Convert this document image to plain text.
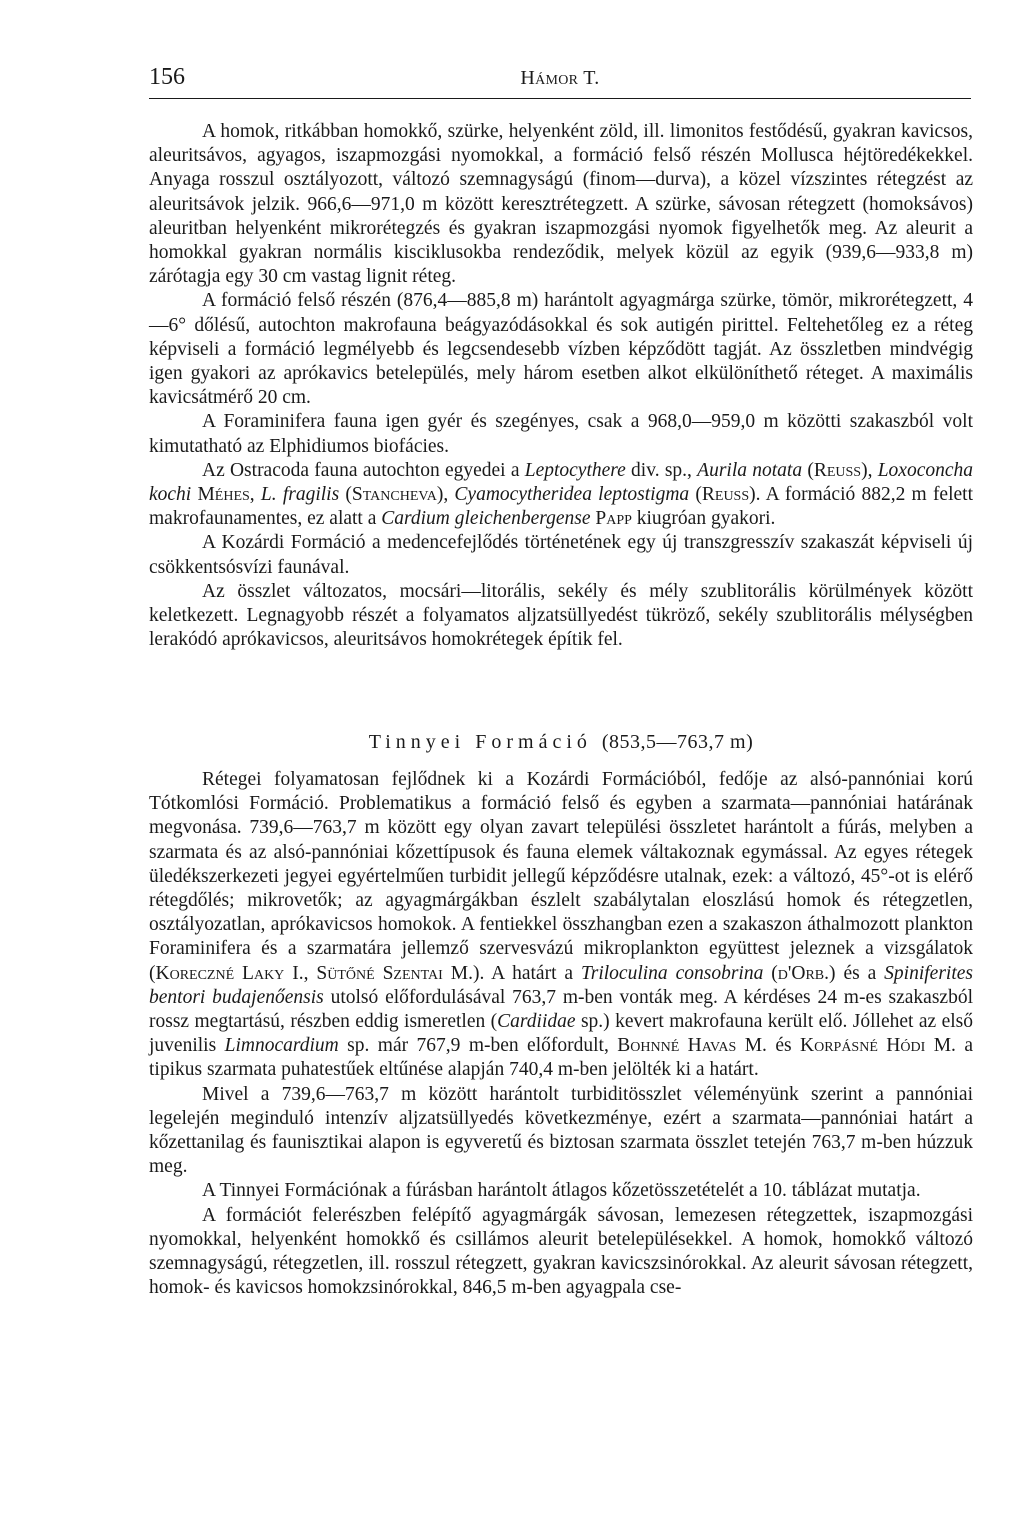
156	Hámor T.

A homok, ritkábban homokkő, szürke, helyenként zöld, ill. limonitos festődésű, gyakran kavicsos, aleuritsávos, agyagos, iszapmozgási nyomokkal, a formáció felső részén Mollusca héjtöredékekkel. Anyaga rosszul osztályozott, változó szemnagyságú (finom—durva), a közel vízszintes rétegzést az aleuritsávok jelzik. 966,6—971,0 m között keresztrétegzett. A szürke, sávosan rétegzett (homoksávos) aleuritban helyenként mikrorétegzés és gyakran iszapmozgási nyomok figyelhetők meg. Az aleurit a homokkal gyakran normális kisciklusokba rendeződik, melyek közül az egyik (939,6—933,8 m) zárótagja egy 30 cm vastag lignit réteg.

A formáció felső részén (876,4—885,8 m) harántolt agyagmárga szürke, tömör, mikrorétegzett, 4—6° dőlésű, autochton makrofauna beágyazódásokkal és sok autigén pirittel. Feltehetőleg ez a réteg képviseli a formáció legmélyebb és legcsendesebb vízben képződött tagját. Az összletben mindvégig igen gyakori az aprókavics betelepülés, mely három esetben alkot elkülöníthető réteget. A maximális kavicsátmérő 20 cm.

A Foraminifera fauna igen gyér és szegényes, csak a 968,0—959,0 m közötti szakaszból volt kimutatható az Elphidiumos biofácies.

Az Ostracoda fauna autochton egyedei a Leptocythere div. sp., Aurila notata (Reuss), Loxoconcha kochi Méhes, L. fragilis (Stancheva), Cyamocytheridea leptostigma (Reuss). A formáció 882,2 m felett makrofaunamentes, ez alatt a Cardium gleichenbergense Papp kiugróan gyakori.

A Kozárdi Formáció a medencefejlődés történetének egy új transzgresszív szakaszát képviseli új csökkentsósvízi faunával.

Az összlet változatos, mocsári—litorális, sekély és mély szublitorális körülmények között keletkezett. Legnagyobb részét a folyamatos aljzatsüllyedést tükröző, sekély szublitorális mélységben lerakódó aprókavicsos, aleuritsávos homokrétegek építik fel.

Tinnyei Formáció (853,5—763,7 m)

Rétegei folyamatosan fejlődnek ki a Kozárdi Formációból, fedője az alsó-pannóniai korú Tótkomlósi Formáció. Problematikus a formáció felső és egyben a szarmata—pannóniai határának megvonása. 739,6—763,7 m között egy olyan zavart települési összletet harántolt a fúrás, melyben a szarmata és az alsó-pannóniai kőzettípusok és fauna elemek váltakoznak egymással. Az egyes rétegek üledékszerkezeti jegyei egyértelműen turbidit jellegű képződésre utalnak, ezek: a változó, 45°-ot is elérő rétegdőlés; mikrovetők; az agyagmárgákban észlelt szabálytalan eloszlású homok és rétegzetlen, osztályozatlan, aprókavicsos homokok. A fentiekkel összhangban ezen a szakaszon áthalmozott plankton Foraminifera és a szarmatára jellemző szervesvázú mikroplankton együttest jeleznek a vizsgálatok (Koreczné Laky I., Sütőné Szentai M.). A határt a Triloculina consobrina (d'Orb.) és a Spiniferites bentori budajenőensis utolsó előfordulásával 763,7 m-ben vonták meg. A kérdéses 24 m-es szakaszból rossz megtartású, részben eddig ismeretlen (Cardiidae sp.) kevert makrofauna került elő. Jóllehet az első juvenilis Limnocardium sp. már 767,9 m-ben előfordult, Bohnné Havas M. és Korpásné Hódi M. a tipikus szarmata puhatestűek eltűnése alapján 740,4 m-ben jelölték ki a határt.

Mivel a 739,6—763,7 m között harántolt turbiditösszlet véleményünk szerint a pannóniai legelején meginduló intenzív aljzatsüllyedés következménye, ezért a szarmata—pannóniai határt a kőzettanilag és faunisztikai alapon is egyveretű és biztosan szarmata összlet tetején 763,7 m-ben húzzuk meg.

A Tinnyei Formációnak a fúrásban harántolt átlagos kőzetösszetételét a 10. táblázat mutatja.

A formációt felerészben felépítő agyagmárgák sávosan, lemezesen rétegzettek, iszapmozgási nyomokkal, helyenként homokkő és csillámos aleurit betelepülésekkel. A homok, homokkő változó szemnagyságú, rétegzetlen, ill. rosszul rétegzett, gyakran kavicszsinórokkal. Az aleurit sávosan rétegzett, homok- és kavicsos homokzsinórokkal, 846,5 m-ben agyagpala cse-
